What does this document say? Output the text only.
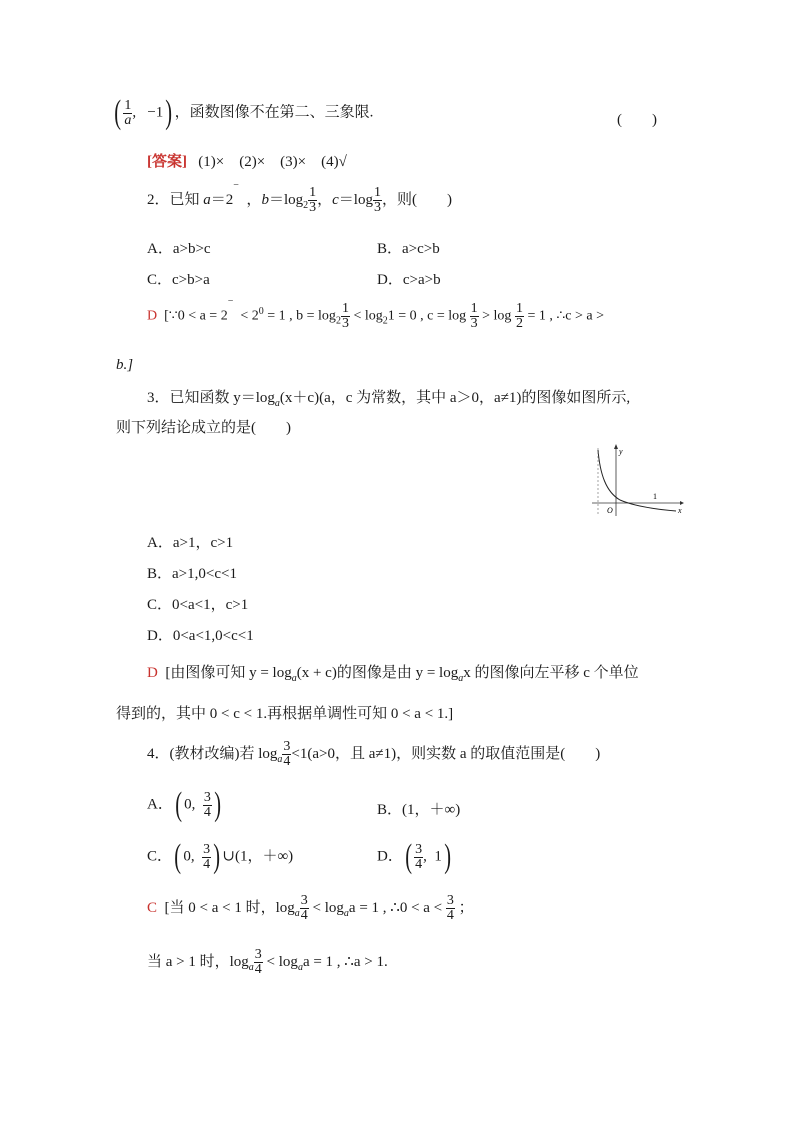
( $\frac{1}{a}$ ,   −1) ，函数图像不在第二、三象限.	(　　)
[答案] (1)×　(2)×　(3)×　(4)√
2．已知 a＝2−  ，$b=\log_2 \frac{1}{3}$ ，$c=\log \frac{1}{3}$ ，则(　　)
A．a>b>c	B．a>c>b
C．c>b>a	D．c>a>b
D [∵0 < $a = 2^- < 2^0 = 1$ , $b = \log_2 \frac{1}{3} < \log_21 = 0$ , $c = \log \frac{1}{3} > \log \frac{1}{2} = 1$ , ∴c > a >
b.]
3．已知函数 $y=\log_a(x+c)(a$，c 为常数，其中 a＞0，a≠1)的图像如图所示,
则下列结论成立的是(　　)
y
x
O
1
A．a>1，c>1
B．a>1,0<c<1
C．0<a<1，c>1
D．0<a<1,0<c<1
D [由图像可知 $y = \log_a(x + c)$的图像是由 $y = \log_ax$ 的图像向左平移 c 个单位
得到的，其中 0 < c < 1.再根据单调性可知 0 < a < 1.]
4．(教材改编)若 $\log_a \frac{3}{4} <1(a>0$，且 a≠1)，则实数 a 的取值范围是(　　)
A．( 0, $\frac{3}{4}$ )	B．(1，＋∞)
C．( 0, $\frac{3}{4}$ ) ∪(1，＋∞)	D．( $\frac{3}{4}$ ,  1)
C [当 0 < a < 1 时，$\log_a \frac{3}{4} < \log_aa = 1$ , ∴0 < $a < \frac{3}{4}$ ；
当 a > 1 时，$\log_a \frac{3}{4} < \log_aa = 1$ , ∴a > 1.
